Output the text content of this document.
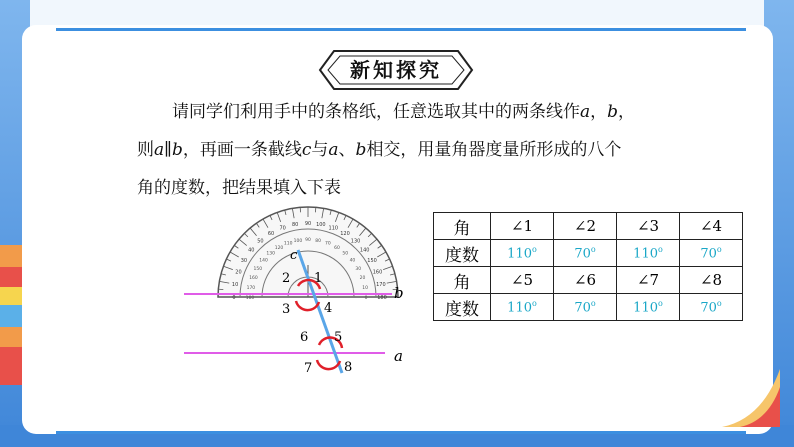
新知探究
请同学们利用手中的条格纸，任意选取其中的两条线作a，b，
则a∥b，再画一条截线c与a、b相交，用量角器度量所形成的八个
角的度数，把结果填入下表
0
10
20
30
40
50
60
70
80 90 100
110
120
130
140
150
160
170
180
180
170
160
150
140
130
120
110
100 90 80
70
60
50
40
30
20
10
0
c
b
a
1
2
3	4
5
6
7 8
角	∠1	∠2	∠3	∠4
度数	110$^o$	70$^o$	110$^o$	70$^o$
角	∠5	∠6	∠7	∠8
度数	110$^o$	70$^o$	110$^o$	70$^o$
